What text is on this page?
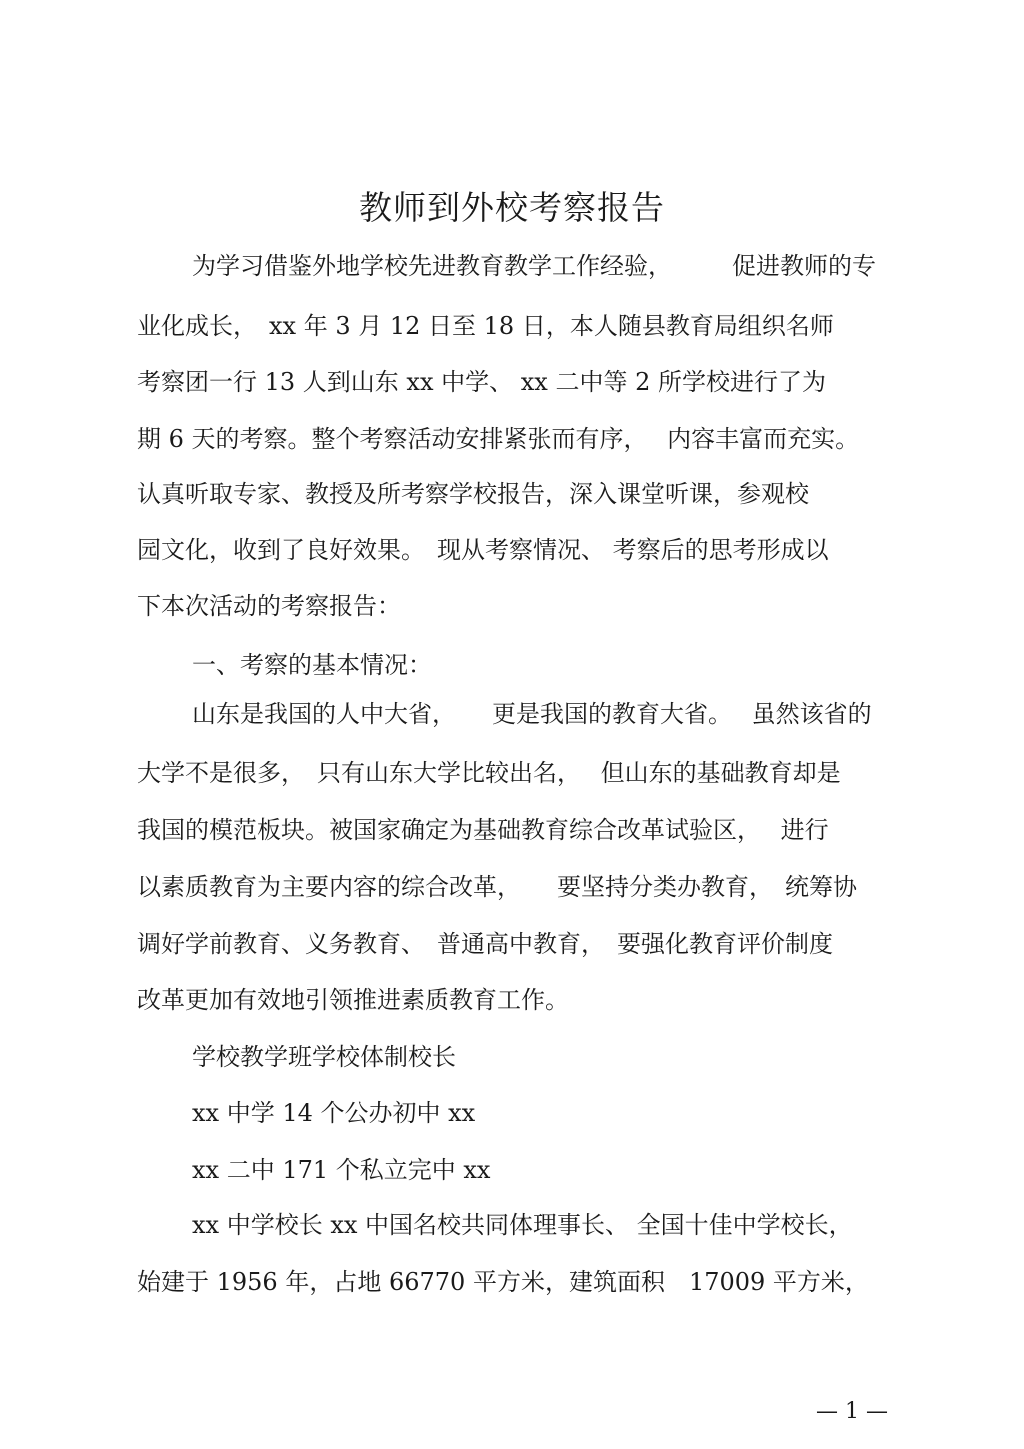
教师到外校考察报告
为学习借鉴外地学校先进教育教学工作经验，　　　促进教师的专
业化成长，　xx 年 3 月 12 日至 18 日，本人随县教育局组织名师
考察团一行 13 人到山东 xx 中学、 xx 二中等 2 所学校进行了为
期 6 天的考察。整个考察活动安排紧张而有序，　 内容丰富而充实。
认真听取专家、教授及所考察学校报告，深入课堂听课，参观校
园文化，收到了良好效果。　现从考察情况、 考察后的思考形成以
下本次活动的考察报告：
一、考察的基本情况：
山东是我国的人中大省，　　更是我国的教育大省。　 虽然该省的
大学不是很多，　只有山东大学比较出名，　 但山东的基础教育却是
我国的模范板块。被国家确定为基础教育综合改革试验区，　 进行
以素质教育为主要内容的综合改革，　　要坚持分类办教育，　统筹协
调好学前教育、义务教育、　普通高中教育，　要强化教育评价制度
改革更加有效地引领推进素质教育工作。
学校教学班学校体制校长
xx 中学 14 个公办初中 xx
xx 二中 171 个私立完中 xx
xx 中学校长 xx 中国名校共同体理事长、 全国十佳中学校长，
始建于 1956 年，占地 66770 平方米，建筑面积　17009 平方米，
— 1 —
